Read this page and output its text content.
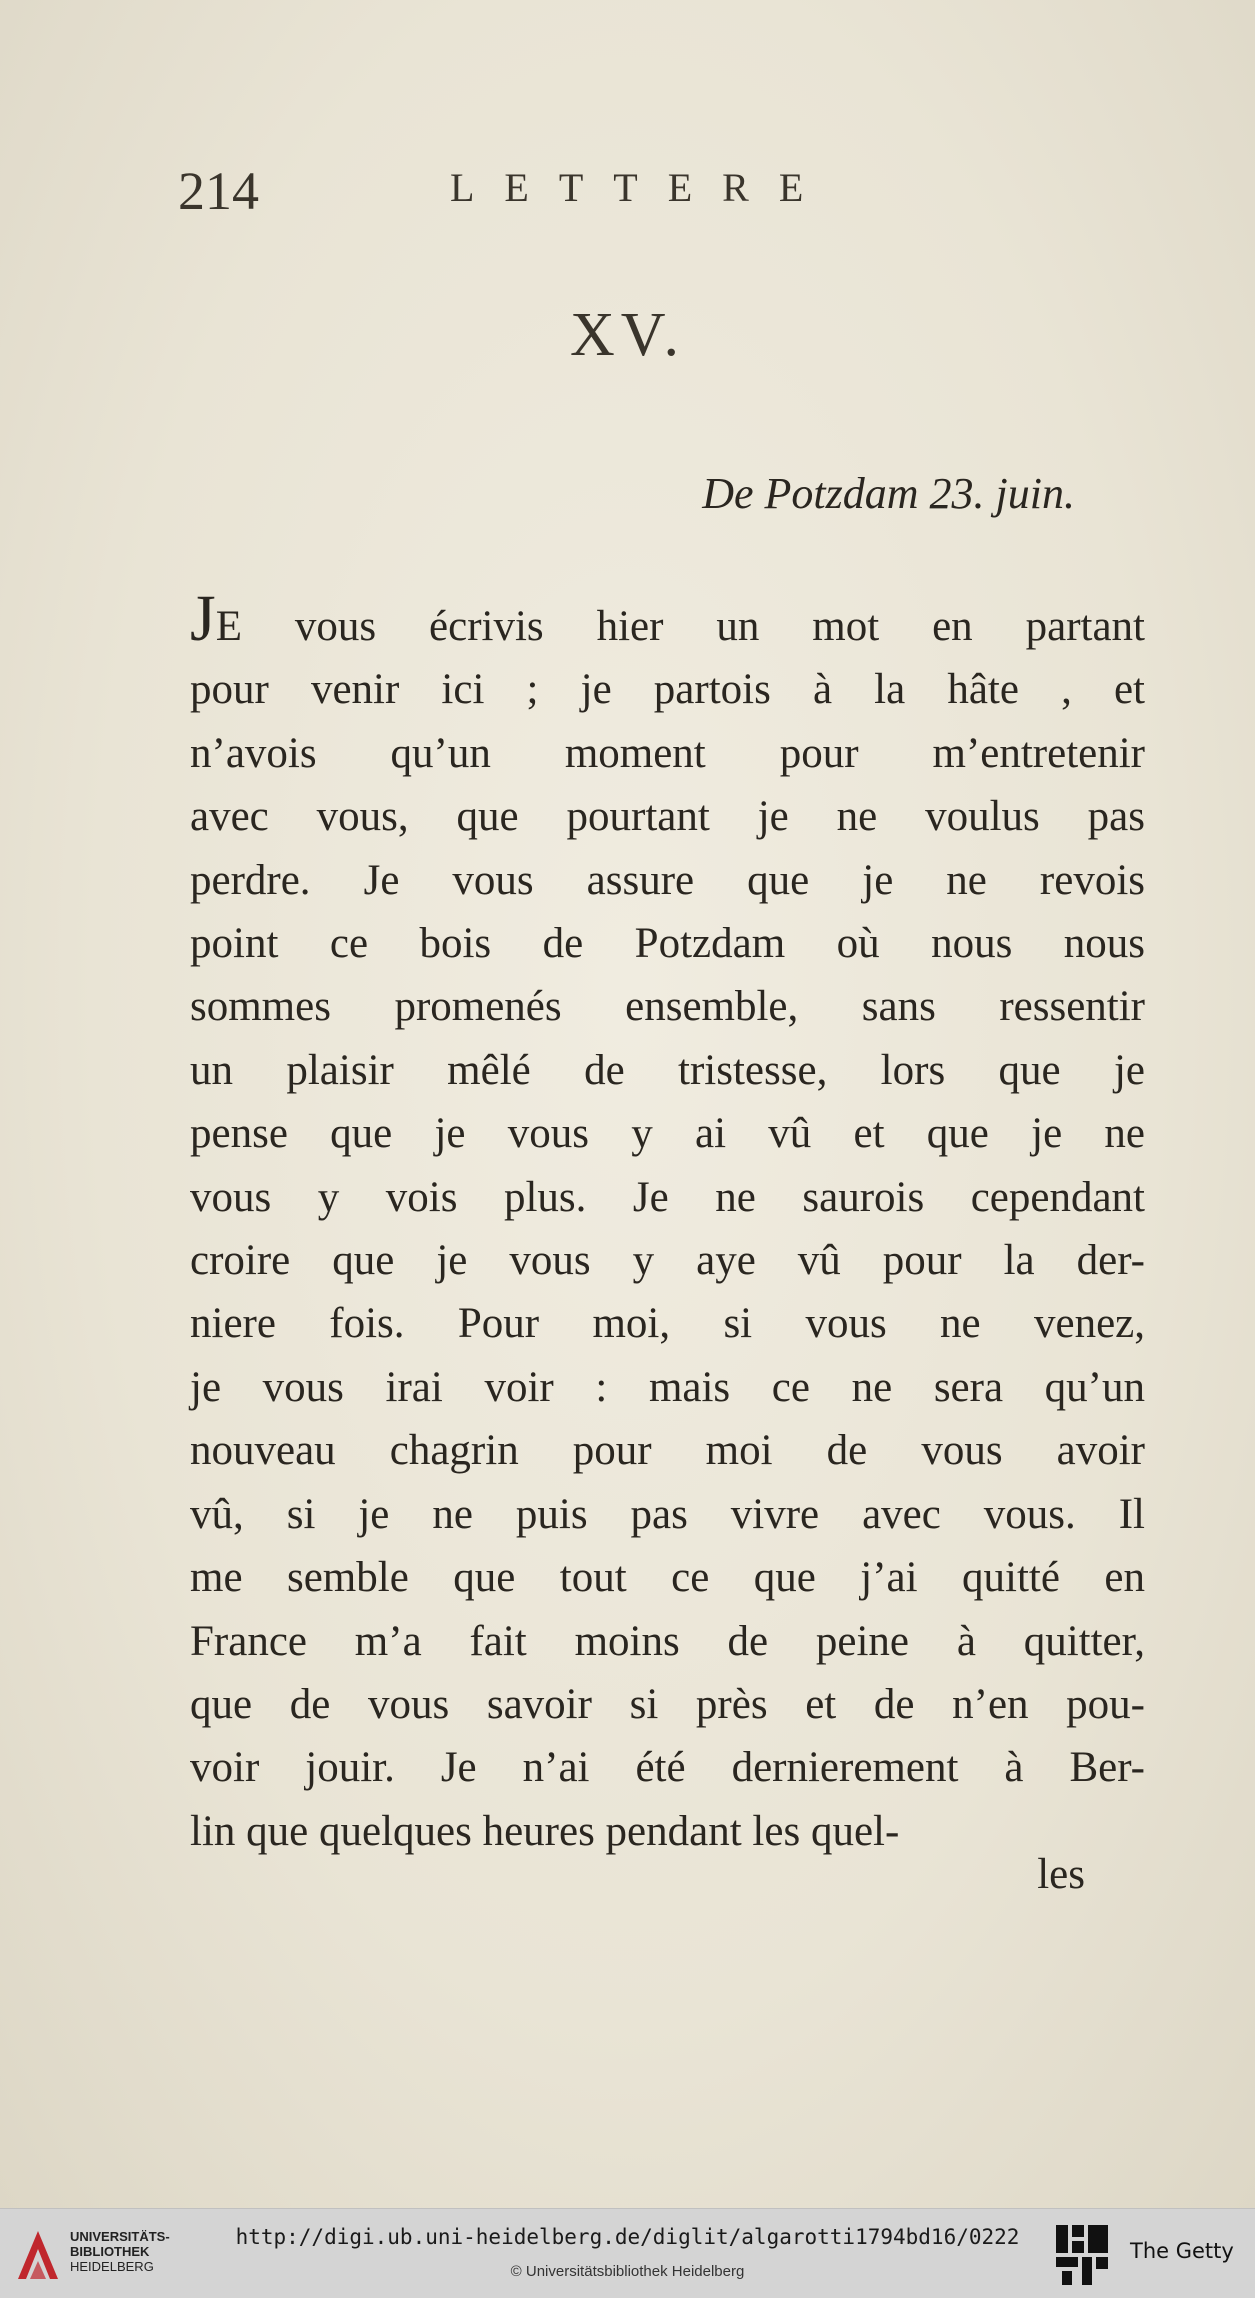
214	LETTERE
XV.
De Potzdam 23. juin.
JE vous écrivis hier un mot en partant
pour venir ici ; je partois à la hâte , et
n’avois qu’un moment pour m’entretenir
avec vous, que pourtant je ne voulus pas
perdre. Je vous assure que je ne revois
point ce bois de Potzdam où nous nous
sommes promenés ensemble, sans ressentir
un plaisir mêlé de tristesse, lors que je
pense que je vous y ai vû et que je ne
vous y vois plus. Je ne saurois cependant
croire que je vous y aye vû pour la der-
niere fois. Pour moi, si vous ne venez,
je vous irai voir : mais ce ne sera qu’un
nouveau chagrin pour moi de vous avoir
vû, si je ne puis pas vivre avec vous. Il
me semble que tout ce que j’ai quitté en
France m’a fait moins de peine à quitter,
que de vous savoir si près et de n’en pou-
voir jouir. Je n’ai été dernierement à Ber-
lin que quelques heures pendant les quel-
les
UNIVERSITÄTS-
BIBLIOTHEK
HEIDELBERG
http://digi.ub.uni-heidelberg.de/diglit/algarotti1794bd16/0222
© Universitätsbibliothek Heidelberg
The Getty
